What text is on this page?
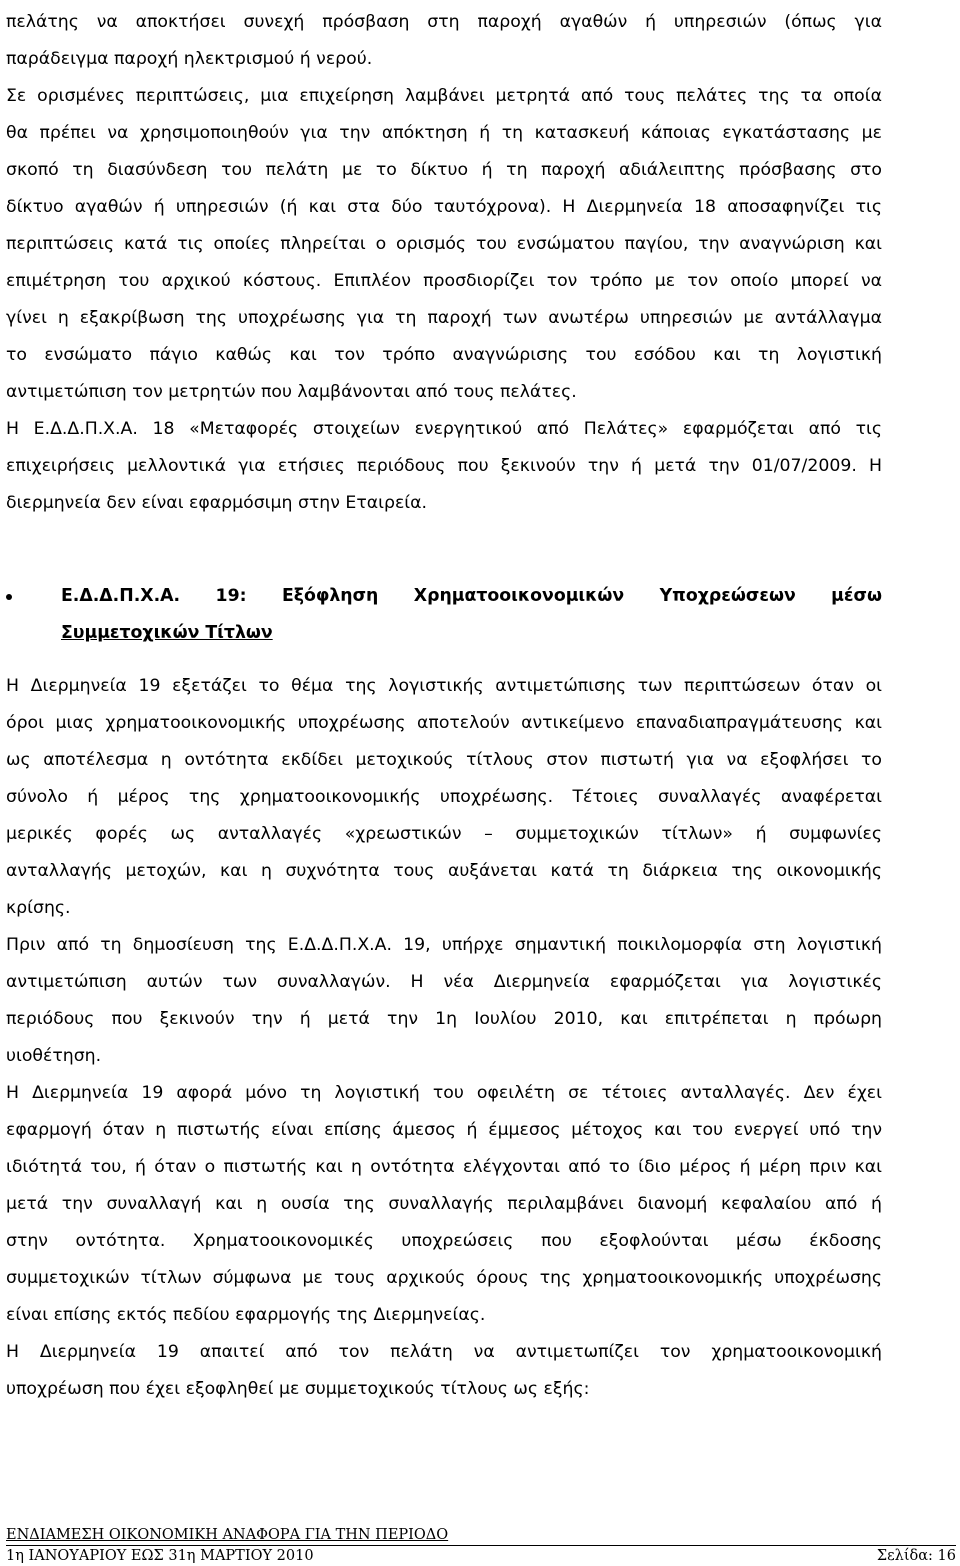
πελάτης να αποκτήσει συνεχή πρόσβαση στη παροχή αγαθών ή υπηρεσιών (όπως για
παράδειγμα παροχή ηλεκτρισμού ή νερού.
Σε ορισμένες περιπτώσεις, μια επιχείρηση λαμβάνει μετρητά από τους πελάτες της τα οποία
θα πρέπει να χρησιμοποιηθούν για την απόκτηση ή τη κατασκευή κάποιας εγκατάστασης με
σκοπό τη διασύνδεση του πελάτη με το δίκτυο ή τη παροχή αδιάλειπτης πρόσβασης στο
δίκτυο αγαθών ή υπηρεσιών (ή και στα δύο ταυτόχρονα). Η Διερμηνεία 18 αποσαφηνίζει τις
περιπτώσεις κατά τις οποίες πληρείται ο ορισμός του ενσώματου παγίου, την αναγνώριση και
επιμέτρηση του αρχικού κόστους. Επιπλέον προσδιορίζει τον τρόπο με τον οποίο μπορεί να
γίνει η εξακρίβωση της υποχρέωσης για τη παροχή των ανωτέρω υπηρεσιών με αντάλλαγμα
το ενσώματο πάγιο καθώς και τον τρόπο αναγνώρισης του εσόδου και τη λογιστική
αντιμετώπιση τον μετρητών που λαμβάνονται από τους πελάτες.
Η Ε.Δ.Δ.Π.Χ.Α. 18 «Μεταφορές στοιχείων ενεργητικού από Πελάτες» εφαρμόζεται από τις
επιχειρήσεις μελλοντικά για ετήσιες περιόδους που ξεκινούν την ή μετά την 01/07/2009. Η
διερμηνεία δεν είναι εφαρμόσιμη στην Εταιρεία.
Ε.Δ.Δ.Π.Χ.Α. 19: Εξόφληση Χρηματοοικονομικών Υποχρεώσεων μέσω
Συμμετοχικών Τίτλων
Η Διερμηνεία 19 εξετάζει το θέμα της λογιστικής αντιμετώπισης των περιπτώσεων όταν οι
όροι μιας χρηματοοικονομικής υποχρέωσης αποτελούν αντικείμενο επαναδιαπραγμάτευσης και
ως αποτέλεσμα η οντότητα εκδίδει μετοχικούς τίτλους στον πιστωτή για να εξοφλήσει το
σύνολο ή μέρος της χρηματοοικονομικής υποχρέωσης. Τέτοιες συναλλαγές αναφέρεται
μερικές φορές ως ανταλλαγές «χρεωστικών – συμμετοχικών τίτλων» ή συμφωνίες
ανταλλαγής μετοχών, και η συχνότητα τους αυξάνεται κατά τη διάρκεια της οικονομικής
κρίσης.
Πριν από τη δημοσίευση της Ε.Δ.Δ.Π.Χ.Α. 19, υπήρχε σημαντική ποικιλομορφία στη λογιστική
αντιμετώπιση αυτών των συναλλαγών. Η νέα Διερμηνεία εφαρμόζεται για λογιστικές
περιόδους που ξεκινούν την ή μετά την 1η Ιουλίου 2010, και επιτρέπεται η πρόωρη
υιοθέτηση.
Η Διερμηνεία 19 αφορά μόνο τη λογιστική του οφειλέτη σε τέτοιες ανταλλαγές. Δεν έχει
εφαρμογή όταν η πιστωτής είναι επίσης άμεσος ή έμμεσος μέτοχος και του ενεργεί υπό την
ιδιότητά του, ή όταν ο πιστωτής και η οντότητα ελέγχονται από το ίδιο μέρος ή μέρη πριν και
μετά την συναλλαγή και η ουσία της συναλλαγής περιλαμβάνει διανομή κεφαλαίου από ή
στην οντότητα. Χρηματοοικονομικές υποχρεώσεις που εξοφλούνται μέσω έκδοσης
συμμετοχικών τίτλων σύμφωνα με τους αρχικούς όρους της χρηματοοικονομικής υποχρέωσης
είναι επίσης εκτός πεδίου εφαρμογής της Διερμηνείας.
Η Διερμηνεία 19 απαιτεί από τον πελάτη να αντιμετωπίζει τον χρηματοοικονομική
υποχρέωση που έχει εξοφληθεί με συμμετοχικούς τίτλους ως εξής:
ΕΝΔΙΑΜΕΣΗ ΟΙΚΟΝΟΜΙΚΗ ΑΝΑΦΟΡΑ ΓΙΑ ΤΗΝ ΠΕΡΙΟΔΟ
1η ΙΑΝΟΥΑΡΙΟΥ ΕΩΣ 31η ΜΑΡΤΙΟΥ 2010	Σελίδα: 16
